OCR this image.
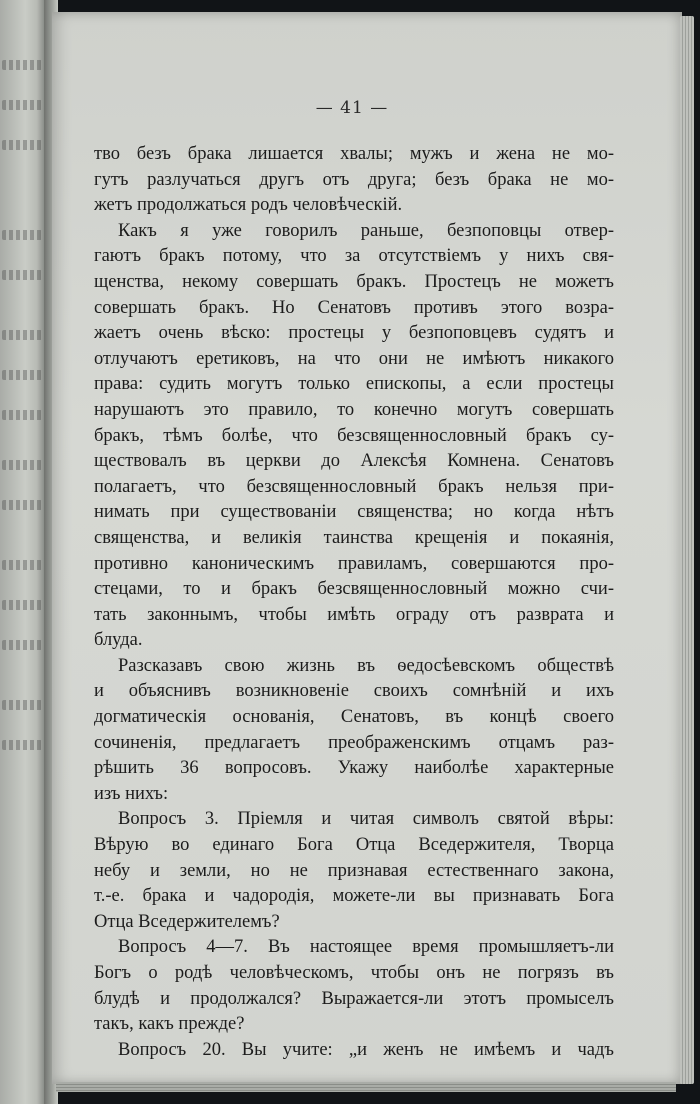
— 41 —
тво безъ брака лишается хвалы; мужъ и жена не мо-
гутъ разлучаться другъ отъ друга; безъ брака не мо-
жетъ продолжаться родъ человѣческій.
Какъ я уже говорилъ раньше, безпоповцы отвер-
гаютъ бракъ потому, что за отсутствіемъ у нихъ свя-
щенства, некому совершать бракъ. Простецъ не можетъ
совершать бракъ. Но Сенатовъ противъ этого возра-
жаетъ очень вѣско: простецы у безпоповцевъ судятъ и
отлучаютъ еретиковъ, на что они не имѣютъ никакого
права: судить могутъ только епископы, а если простецы
нарушаютъ это правило, то конечно могутъ совершать
бракъ, тѣмъ болѣе, что безсвященнословный бракъ су-
ществовалъ въ церкви до Алексѣя Комнена. Сенатовъ
полагаетъ, что безсвященнословный бракъ нельзя при-
нимать при существованіи священства; но когда нѣтъ
священства, и великія таинства крещенія и покаянія,
противно каноническимъ правиламъ, совершаются про-
стецами, то и бракъ безсвященнословный можно счи-
тать законнымъ, чтобы имѣть ограду отъ разврата и
блуда.
Разсказавъ свою жизнь въ ѳедосѣевскомъ обществѣ
и объяснивъ возникновеніе своихъ сомнѣній и ихъ
догматическія основанія, Сенатовъ, въ концѣ своего
сочиненія, предлагаетъ преображенскимъ отцамъ раз-
рѣшить 36 вопросовъ. Укажу наиболѣе характерные
изъ нихъ:
Вопросъ 3. Пріемля и читая символъ святой вѣры:
Вѣрую во единаго Бога Отца Вседержителя, Творца
небу и земли, но не признавая естественнаго закона,
т.-е. брака и чадородія, можете-ли вы признавать Бога
Отца Вседержителемъ?
Вопросъ 4—7. Въ настоящее время промышляетъ-ли
Богъ о родѣ человѣческомъ, чтобы онъ не погрязъ въ
блудѣ и продолжался? Выражается-ли этотъ промыселъ
такъ, какъ прежде?
Вопросъ 20. Вы учите: „и женъ не имѣемъ и чадъ
